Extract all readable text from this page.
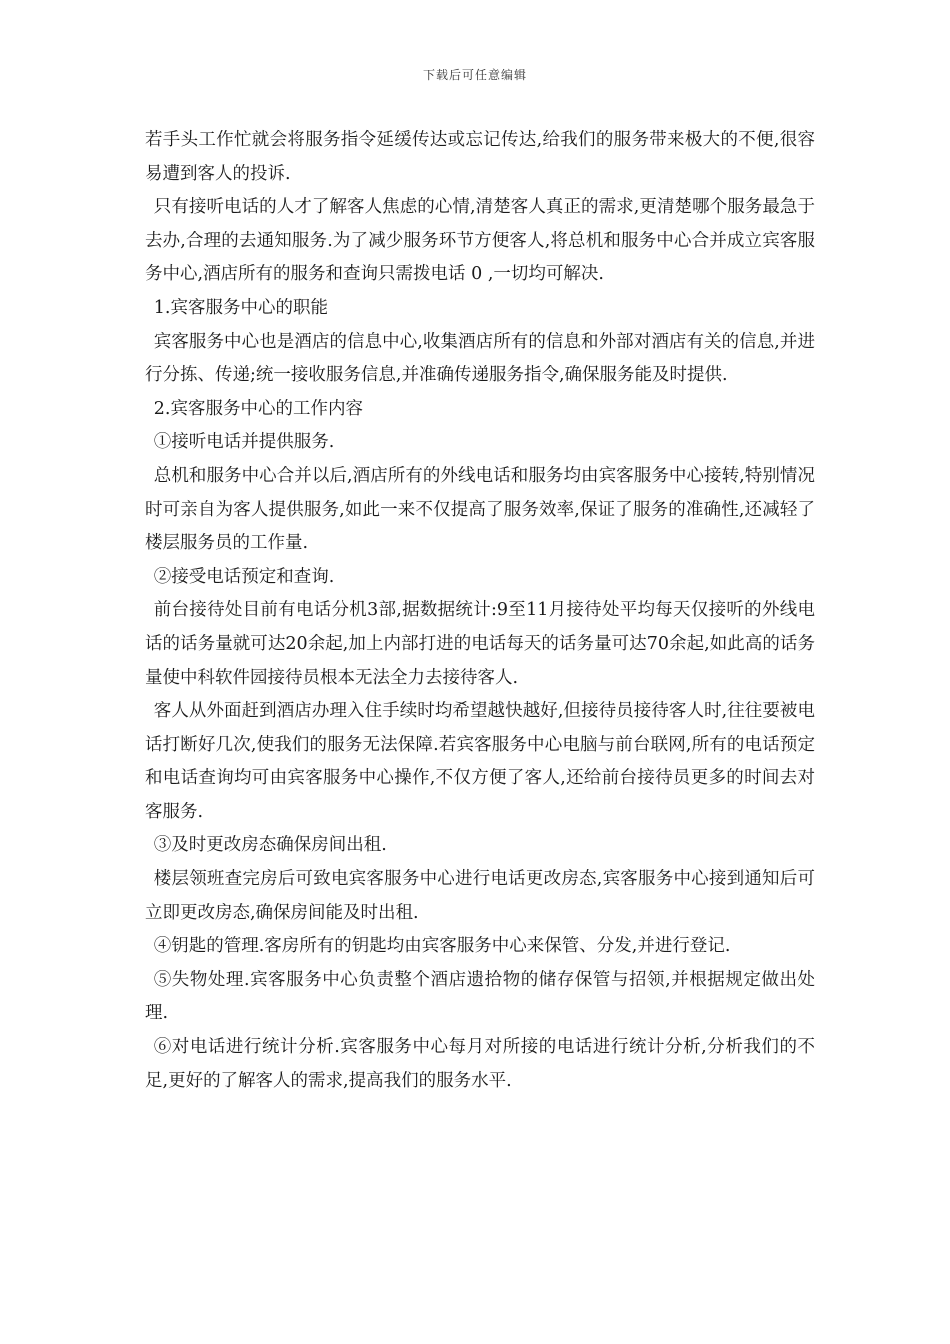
下载后可任意编辑

若手头工作忙就会将服务指令延缓传达或忘记传达,给我们的服务带来极大的不便,很容易遭到客人的投诉.

只有接听电话的人才了解客人焦虑的心情,清楚客人真正的需求,更清楚哪个服务最急于去办,合理的去通知服务.为了减少服务环节方便客人,将总机和服务中心合并成立宾客服务中心,酒店所有的服务和查询只需拨电话 0 ,一切均可解决.

1.宾客服务中心的职能

宾客服务中心也是酒店的信息中心,收集酒店所有的信息和外部对酒店有关的信息,并进行分拣、传递;统一接收服务信息,并准确传递服务指令,确保服务能及时提供.

2.宾客服务中心的工作内容

①接听电话并提供服务.

总机和服务中心合并以后,酒店所有的外线电话和服务均由宾客服务中心接转,特别情况时可亲自为客人提供服务,如此一来不仅提高了服务效率,保证了服务的准确性,还减轻了楼层服务员的工作量.

②接受电话预定和查询.

前台接待处目前有电话分机3部,据数据统计:9至11月接待处平均每天仅接听的外线电话的话务量就可达20余起,加上内部打进的电话每天的话务量可达70余起,如此高的话务量使中科软件园接待员根本无法全力去接待客人.

客人从外面赶到酒店办理入住手续时均希望越快越好,但接待员接待客人时,往往要被电话打断好几次,使我们的服务无法保障.若宾客服务中心电脑与前台联网,所有的电话预定和电话查询均可由宾客服务中心操作,不仅方便了客人,还给前台接待员更多的时间去对客服务.

③及时更改房态确保房间出租.

楼层领班查完房后可致电宾客服务中心进行电话更改房态,宾客服务中心接到通知后可立即更改房态,确保房间能及时出租.

④钥匙的管理.客房所有的钥匙均由宾客服务中心来保管、分发,并进行登记.

⑤失物处理.宾客服务中心负责整个酒店遗拾物的储存保管与招领,并根据规定做出处理.

⑥对电话进行统计分析.宾客服务中心每月对所接的电话进行统计分析,分析我们的不足,更好的了解客人的需求,提高我们的服务水平.
